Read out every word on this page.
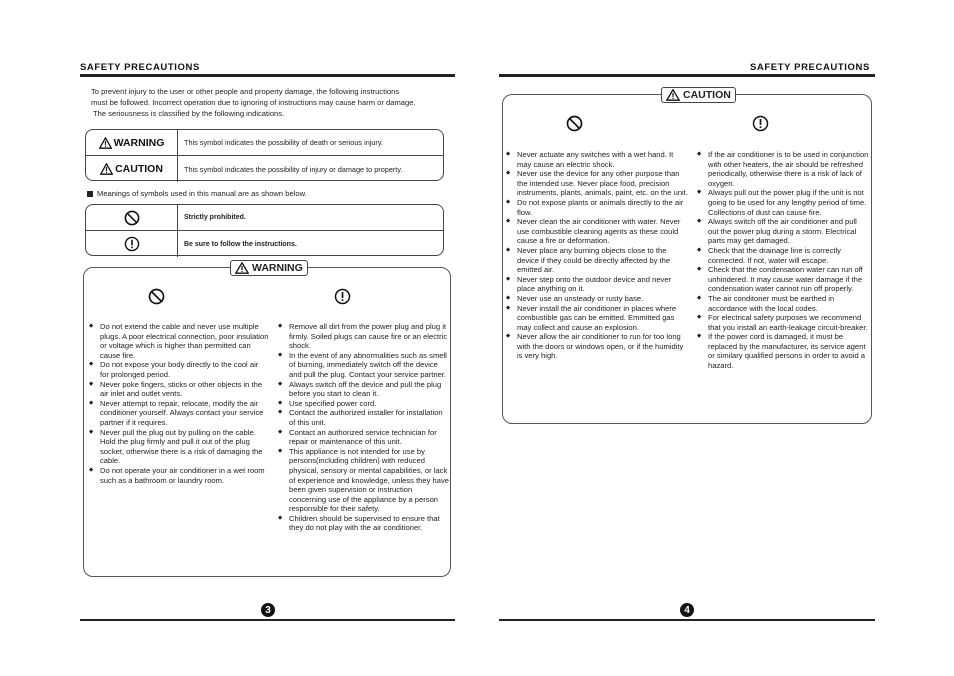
SAFETY PRECAUTIONS
To prevent injury to the user or other people and property damage, the following instructions
must be followed. Incorrect operation due to ignoring of instructions may cause harm or damage.
The seriousness is classified by the following indications.
WARNING	This symbol indicates the possibility of death or serious injury.
CAUTION	This symbol indicates the possibility of injury or damage to property.
Meanings of symbols used in this manual are as shown below.
Strictly prohibited.
Be sure to follow the instructions.
WARNING
◆ Do not extend the cable and never use multiple plugs. A poor electrical connection, poor insulation or voltage which is higher than permitted can cause fire.
◆ Do not expose your body directly to the cool air for prolonged period.
◆ Never poke fingers, sticks or other objects in the air inlet and outlet vents.
◆ Never attempt to repair, relocate, modify the air conditioner yourself. Always contact your service partner if it requires.
◆ Never pull the plug out by pulling on the cable. Hold the plug firmly and pull it out of the plug socket, otherwise there is a risk of damaging the cable.
◆ Do not operate your air conditioner in a wet room such as a bathroom or laundry room.
◆ Remove all dirt from the power plug and plug it firmly. Soiled plugs can cause fire or an electric shock.
◆ In the event of any abnormalities such as smell of burning, immediately switch off the device and pull the plug. Contact your service partner.
◆ Always switch off the device and pull the plug before you start to clean it.
◆ Use specified power cord.
◆ Contact the authorized installer for installation of this unit.
◆ Contact an authorized service technician for repair or maintenance of this unit.
◆ This appliance is not intended for use by persons(including children) with reduced physical, sensory or mental capabilities, or lack of experience and knowledge, unless they have been given supervision or instruction concerning use of the appliance by a person responsible for their safety.
◆ Children should be supervised to ensure that they do not play with the air conditioner.
3
SAFETY PRECAUTIONS
CAUTION
◆ Never actuate any switches with a wet hand. It may cause an electric shock.
◆ Never use the device for any other purpose than the intended use. Never place food, precision instruments, plants, animals, paint, etc. on the unit.
◆ Do not expose plants or animals directly to the air flow.
◆ Never clean the air conditioner with water. Never use combustible cleaning agents as these could cause a fire or deformation.
◆ Never place any burning objects close to the device if they could be directly affected by the emitted air.
◆ Never step onto the outdoor device and never place anything on it.
◆ Never use an unsteady or rusty base.
◆ Never install the air conditioner in places where combustible gas can be emitted. Emmitted gas may collect and cause an explosion.
◆ Never allow the air conditioner to run for too long with the doors or windows open, or if the humidity is very high.
◆ If the air conditioner is to be used in conjunction with other heaters, the air should be refreshed periodically, otherwise there is a risk of lack of oxygen.
◆ Always pull out the power plug if the unit is not going to be used for any lengthy period of time. Collections of dust can cause fire.
◆ Always switch off the air conditioner and pull out the power plug during a storm. Electrical parts may get damaged.
◆ Check that the drainage line is correctly connected. If not, water will escape.
◆ Check that the condensation water can run off unhindered. It may cause water damage if the condensation water cannot run off properly.
◆ The air conditoner must be earthed in accordance with the local codes.
◆ For electrical safety purposes we recommend that you install an earth-leakage circuit-breaker.
◆ If the power cord is damaged, it must be replaced by the manufacturer, its service agent or similary qualified persons in order to avoid a hazard.
4
